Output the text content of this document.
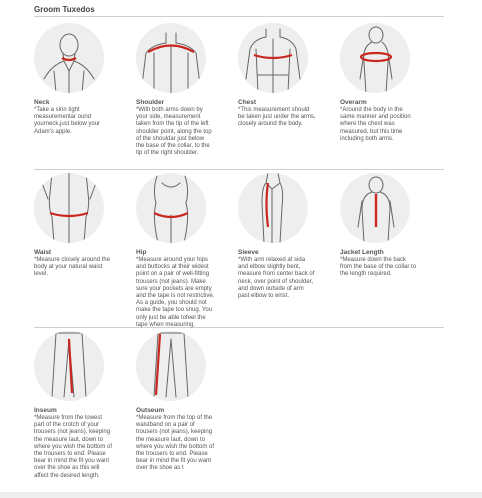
Groom Tuxedos
Neck
*Take a sirin tight
measurementar ound
yourneck,just below your
Adam's apple.
Shoulder
*With both arms down by
your side, measurement
taken from the tip of the left
shoulder point, along the top
of the shouldar just below
the base of the collar, to the
tip of the right shoulder.
Chest
*This measurement should
be taken just under the arms,
closely around the body.
Overarm
*Around the body in the
same manner and position
where the chest was
measured, but this time
including both arms.
Waist
*Measure closely around the
body at your natural waist
level.
Hip
*Measure around your hips
and buttocks at their widest
point on a pair of well-fitting
trousers (not jeans). Make
sure your pockets are empty
and the tape is not restrictive.
As a guide, you should not
make the tape too snug. You
only just be able tofeel the
tape when measuring.
Sleeve
*With arm relaxed at sida
and elbow slightly bent,
measure from center back of
neck, over point of shoulder,
and down outside of arm
past elbow to wrist.
Jacket Length
*Measure down the back
from the base of the collar to
the length required.
Inseum
*Measure from the lowest
part of the crotch of your
trousers (not jeans), keeping
the measure laut, down to
where you wish the bottom of
the trousers to end. Please
bear in mind the fit you want
over the shoe as this will
affect the desired length.
Outseum
*Measure from the top of the
waistband on a pair of
trousers (not jeans), keeping
the measure laut, down to
where you wish the bottom of
the trousers to end. Please
bear in mind the fit you want
over the shoe as t
